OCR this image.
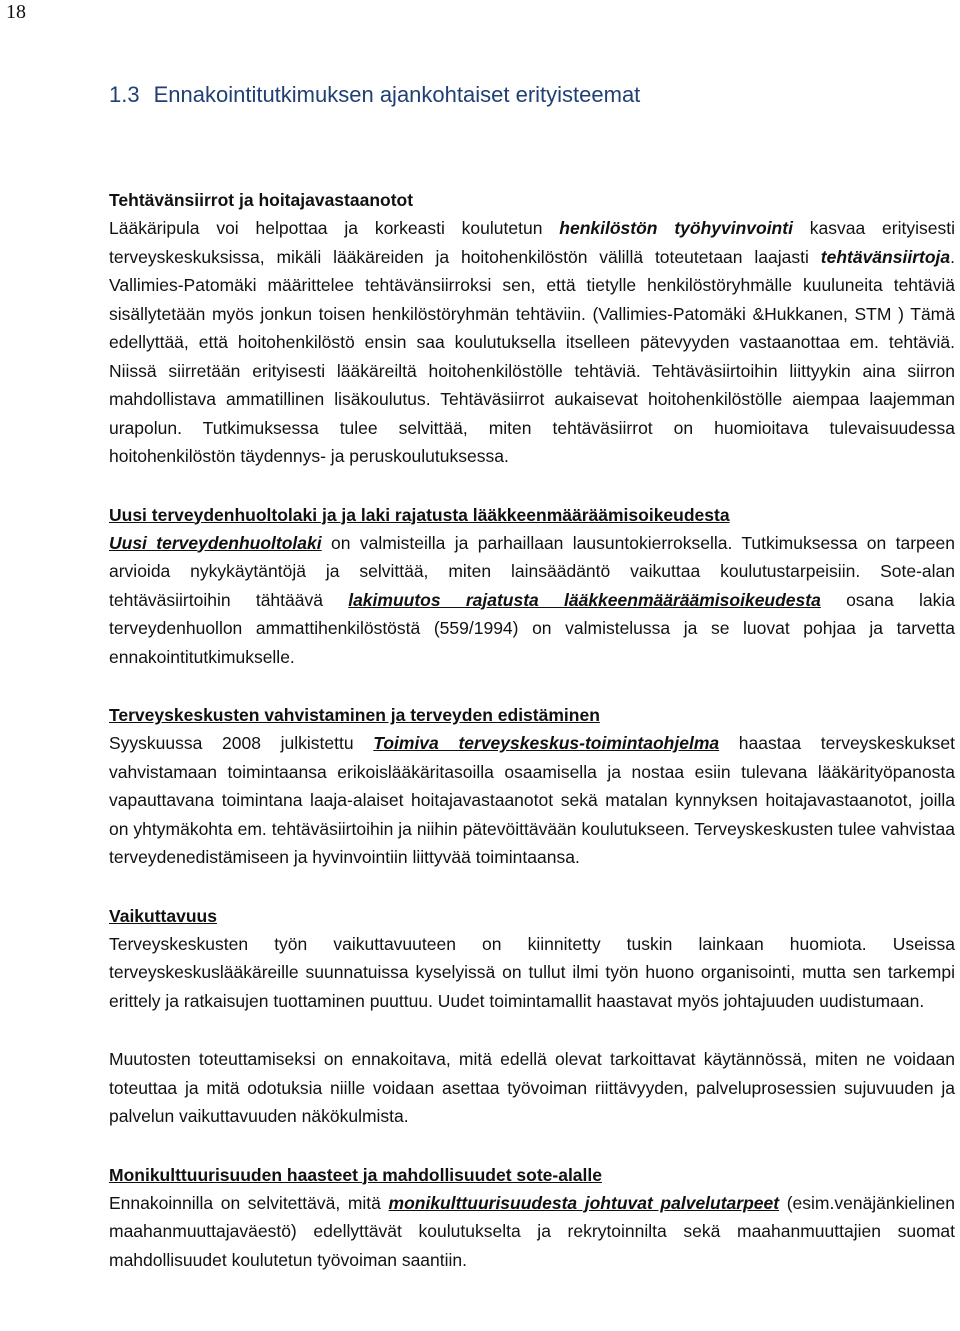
18
1.3 Ennakointitutkimuksen ajankohtaiset erityisteemat
Tehtävänsiirrot ja hoitajavastaanotot

Lääkäripula voi helpottaa ja korkeasti koulutetun henkilöstön työhyvinvointi kasvaa erityisesti terveyskeskuksissa, mikäli lääkäreiden ja hoitohenkilöstön välillä toteutetaan laajasti tehtävänsiirtoja. Vallimies-Patomäki määrittelee tehtävänsiirroksi sen, että tietylle henkilöstöryhmälle kuuluneita tehtäviä sisällytetään myös jonkun toisen henkilöstöryhmän tehtäviin. (Vallimies-Patomäki &Hukkanen, STM ) Tämä edellyttää, että hoitohenkilöstö ensin saa koulutuksella itselleen pätevyyden vastaanottaa em. tehtäviä. Niissä siirretään erityisesti lääkäreiltä hoitohenkilöstölle tehtäviä. Tehtäväsiirtoihin liittyykin aina siirron mahdollistava ammatillinen lisäkoulutus. Tehtäväsiirrot aukaisevat hoitohenkilöstölle aiempaa laajemman urapolun. Tutkimuksessa tulee selvittää, miten tehtäväsiirrot on huomioitava tulevaisuudessa hoitohenkilöstön täydennys- ja peruskoulutuksessa.

Uusi terveydenhuoltolaki ja ja laki rajatusta lääkkeenmääräämisoikeudesta

Uusi terveydenhuoltolaki on valmisteilla ja parhaillaan lausuntokierroksella. Tutkimuksessa on tarpeen arvioida nykykäytäntöjä ja selvittää, miten lainsäädäntö vaikuttaa koulutustarpeisiin. Sote-alan tehtäväsiirtoihin tähtäävä lakimuutos rajatusta lääkkeenmääräämisoikeudesta osana lakia terveydenhuollon ammattihenkilöstöstä (559/1994) on valmistelussa ja se luovat pohjaa ja tarvetta ennakointitutkimukselle.

Terveyskeskusten vahvistaminen ja terveyden edistäminen

Syyskuussa 2008 julkistettu Toimiva terveyskeskus-toimintaohjelma haastaa terveyskeskukset vahvistamaan toimintaansa erikoislääkäritasoilla osaamisella ja nostaa esiin tulevana lääkärityöpanosta vapauttavana toimintana laaja-alaiset hoitajavastaanotot sekä matalan kynnyksen hoitajavastaanotot, joilla on yhtymäkohta em. tehtäväsiirtoihin ja niihin pätevöittävään koulutukseen. Terveyskeskusten tulee vahvistaa terveydenedistämiseen ja hyvinvointiin liittyvää toimintaansa.

Vaikuttavuus

Terveyskeskusten työn vaikuttavuuteen on kiinnitetty tuskin lainkaan huomiota. Useissa terveyskeskuslääkäreille suunnatuissa kyselyissä on tullut ilmi työn huono organisointi, mutta sen tarkempi erittely ja ratkaisujen tuottaminen puuttuu. Uudet toimintamallit haastavat myös johtajuuden uudistumaan.

Muutosten toteuttamiseksi on ennakoitava, mitä edellä olevat tarkoittavat käytännössä, miten ne voidaan toteuttaa ja mitä odotuksia niille voidaan asettaa työvoiman riittävyyden, palveluprosessien sujuvuuden ja palvelun vaikuttavuuden näkökulmista.

Monikulttuurisuuden haasteet ja mahdollisuudet sote-alalle

Ennakoinnilla on selvitettävä, mitä monikulttuurisuudesta johtuvat palvelutarpeet (esim.venäjänkielinen maahanmuuttajaväestö) edellyttävät koulutukselta ja rekrytoinnilta sekä maahanmuuttajien suomat mahdollisuudet koulutetun työvoiman saantiin.
